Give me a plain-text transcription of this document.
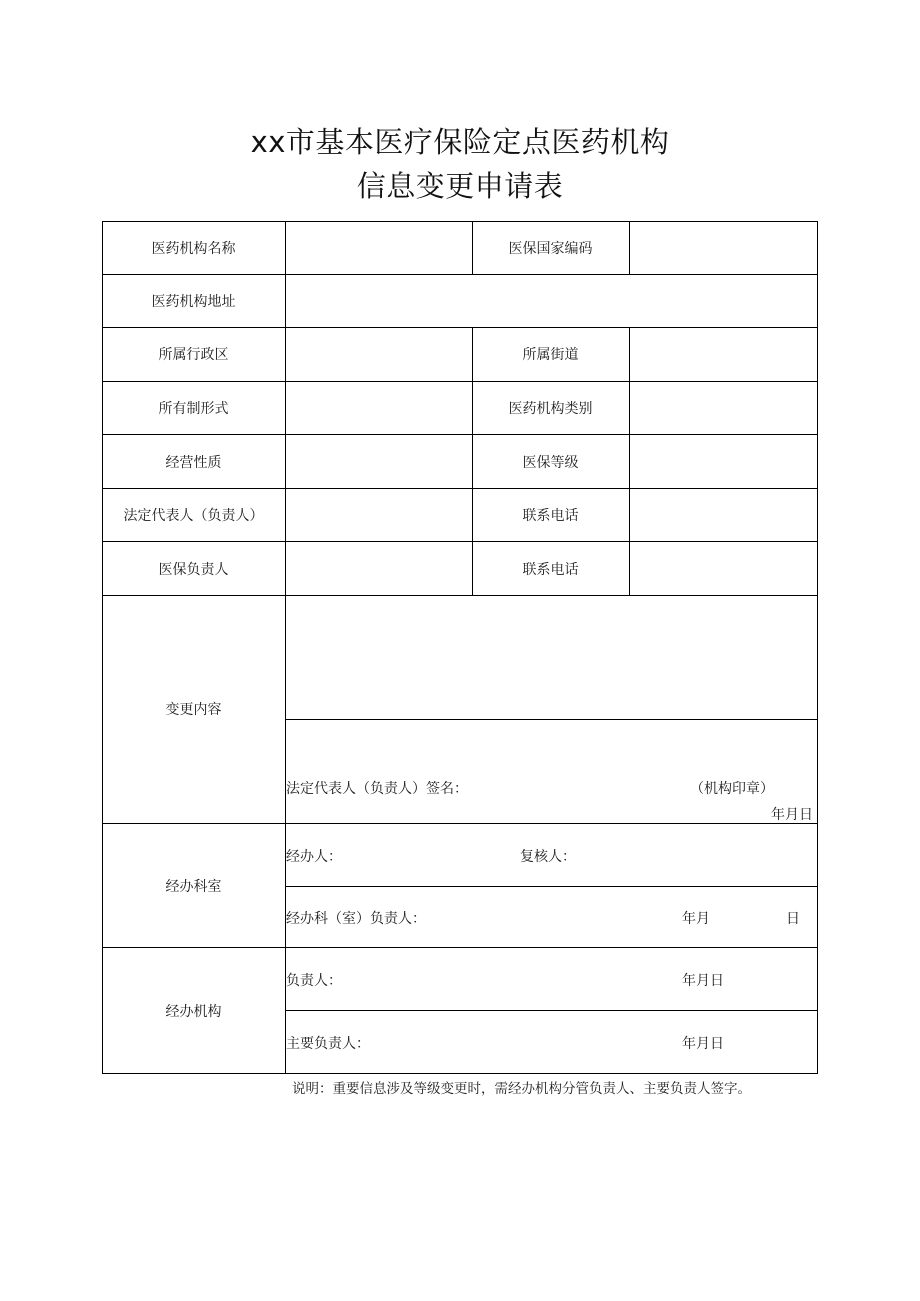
xx市基本医疗保险定点医药机构
信息变更申请表
医药机构名称	医保国家编码
医药机构地址
所属行政区	所属街道
所有制形式	医药机构类别
经营性质	医保等级
法定代表人（负责人）	联系电话
医保负责人	联系电话
变更内容
法定代表人（负责人）签名：	（机构印章）
年月日
经办科室
经办人：	复核人：
经办科（室）负责人：	年月	日
经办机构
负责人：	年月日
主要负责人：	年月日
说明：重要信息涉及等级变更时，需经办机构分管负责人、主要负责人签字。
